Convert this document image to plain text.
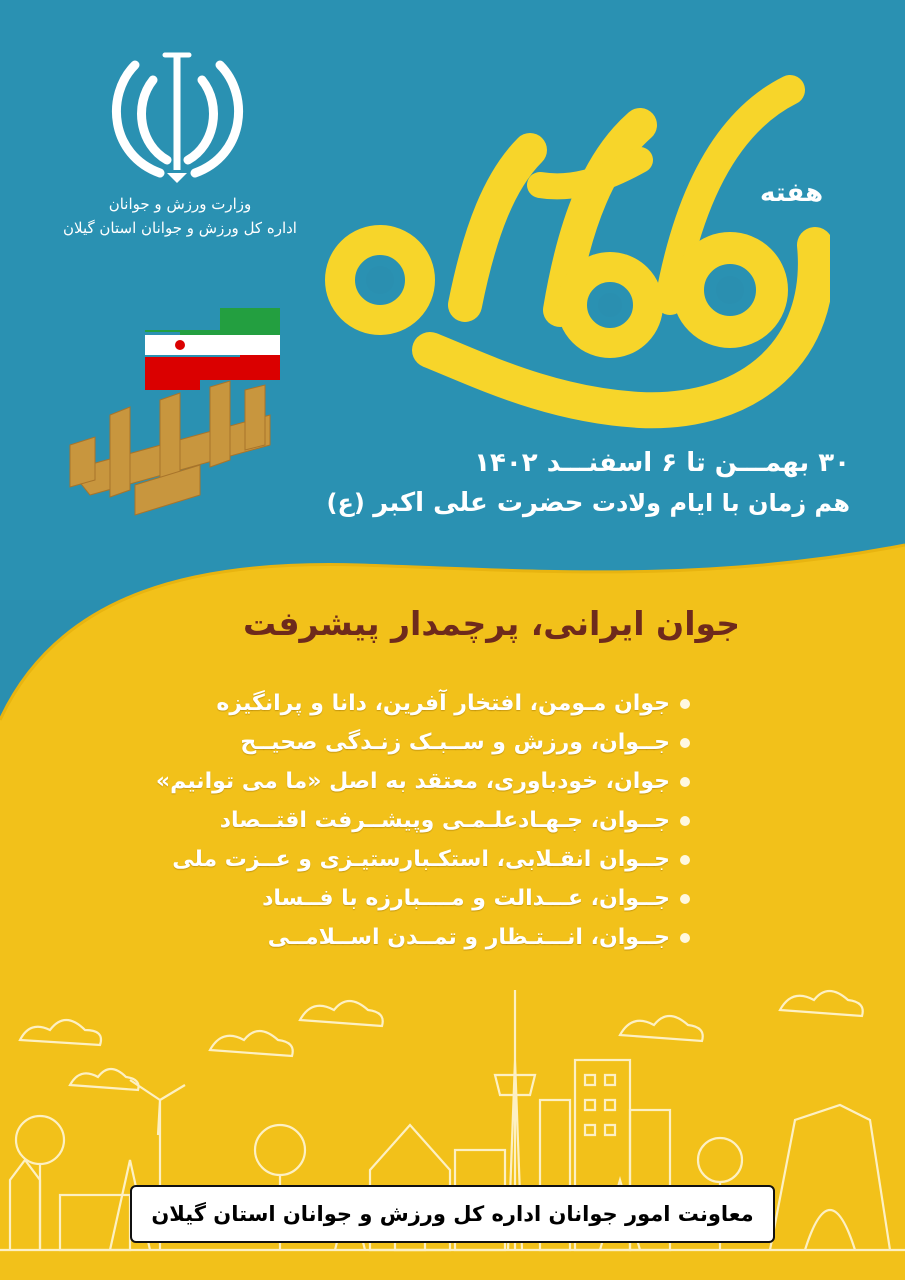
وزارت ورزش و جوانان
اداره کل ورزش و جوانان استان گیلان
هفته
۳۰ بهمـــن تا ۶ اسفنـــد ۱۴۰۲
هم زمان با ایام ولادت حضرت علی اکبر (ع)
جوان ایرانی، پرچمدار پیشرفت
جوان مـومن، افتخار آفرین، دانا و پرانگیزه
جــوان، ورزش و ســبـک زنـدگی صحیــح
جوان، خودباوری، معتقد به اصل «ما می توانیم»
جــوان، جـهـادعلـمـی وپیشــرفت اقتــصاد
جــوان انقـلابی، استکـبارستیـزی و عــزت ملی
جــوان، عـــدالت و مــــبارزه با فــساد
جــوان، انـــتـظار و تمــدن اســلامــی
معاونت امور جوانان اداره کل ورزش و جوانان استان گیلان
